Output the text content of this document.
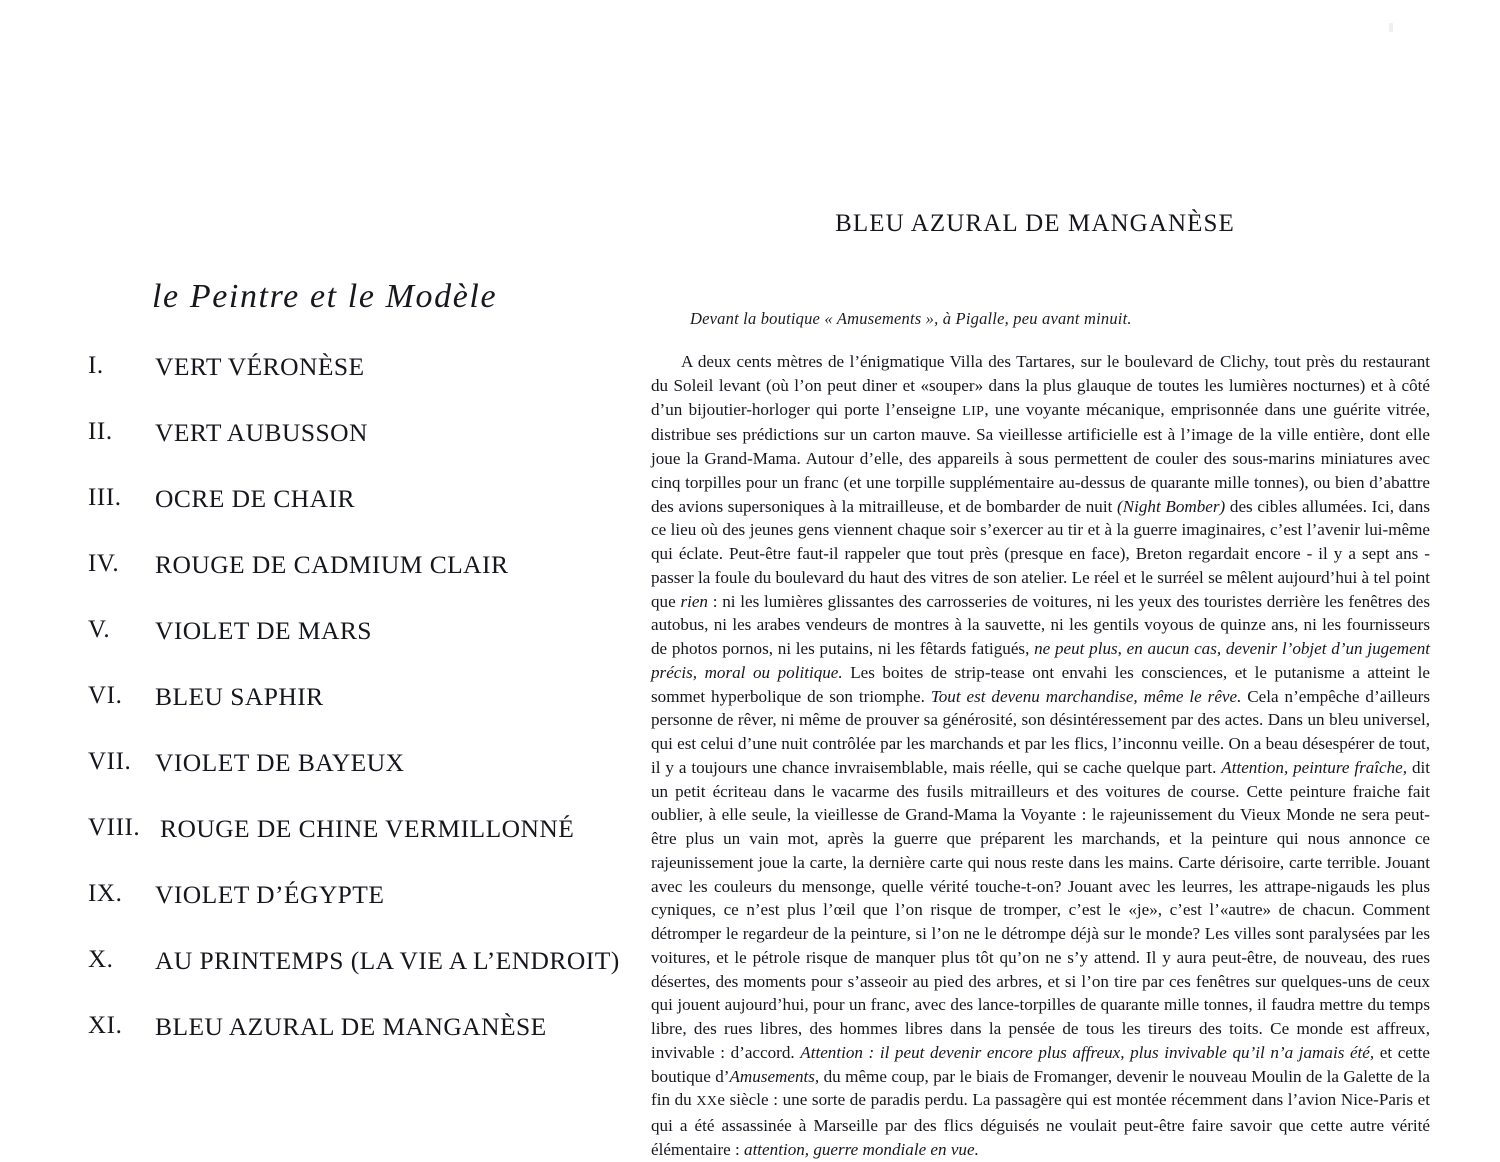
le Peintre et le Modèle
I. VERT VÉRONÈSE
II. VERT AUBUSSON
III. OCRE DE CHAIR
IV. ROUGE DE CADMIUM CLAIR
V. VIOLET DE MARS
VI. BLEU SAPHIR
VII. VIOLET DE BAYEUX
VIII. ROUGE DE CHINE VERMILLONNÉ
IX. VIOLET D’ÉGYPTE
X. AU PRINTEMPS (LA VIE A L’ENDROIT)
XI. BLEU AZURAL DE MANGANÈSE
BLEU AZURAL DE MANGANÈSE
Devant la boutique « Amusements », à Pigalle, peu avant minuit.
A deux cents mètres de l’énigmatique Villa des Tartares, sur le boulevard de Clichy, tout près du restaurant du Soleil levant (où l’on peut diner et «souper» dans la plus glauque de toutes les lumières nocturnes) et à côté d’un bijoutier-horloger qui porte l’enseigne LIP, une voyante mécanique, emprisonnée dans une guérite vitrée, distribue ses prédictions sur un carton mauve. Sa vieillesse artificielle est à l’image de la ville entière, dont elle joue la Grand-Mama. Autour d’elle, des appareils à sous permettent de couler des sous-marins miniatures avec cinq torpilles pour un franc (et une torpille supplémentaire au-dessus de quarante mille tonnes), ou bien d’abattre des avions supersoniques à la mitrailleuse, et de bombarder de nuit (Night Bomber) des cibles allumées. Ici, dans ce lieu où des jeunes gens viennent chaque soir s’exercer au tir et à la guerre imaginaires, c’est l’avenir lui-même qui éclate. Peut-être faut-il rappeler que tout près (presque en face), Breton regardait encore - il y a sept ans - passer la foule du boulevard du haut des vitres de son atelier. Le réel et le surréel se mêlent aujourd’hui à tel point que rien : ni les lumières glissantes des carrosseries de voitures, ni les yeux des touristes derrière les fenêtres des autobus, ni les arabes vendeurs de montres à la sauvette, ni les gentils voyous de quinze ans, ni les fournisseurs de photos pornos, ni les putains, ni les fêtards fatigués, ne peut plus, en aucun cas, devenir l’objet d’un jugement précis, moral ou politique. Les boites de strip-tease ont envahi les consciences, et le putanisme a atteint le sommet hyperbolique de son triomphe. Tout est devenu marchandise, même le rêve. Cela n’empêche d’ailleurs personne de rêver, ni même de prouver sa générosité, son désintéressement par des actes. Dans un bleu universel, qui est celui d’une nuit contrôlée par les marchands et par les flics, l’inconnu veille. On a beau désespérer de tout, il y a toujours une chance invraisemblable, mais réelle, qui se cache quelque part. Attention, peinture fraîche, dit un petit écriteau dans le vacarme des fusils mitrailleurs et des voitures de course. Cette peinture fraiche fait oublier, à elle seule, la vieillesse de Grand-Mama la Voyante : le rajeunissement du Vieux Monde ne sera peut-être plus un vain mot, après la guerre que préparent les marchands, et la peinture qui nous annonce ce rajeunissement joue la carte, la dernière carte qui nous reste dans les mains. Carte dérisoire, carte terrible. Jouant avec les couleurs du mensonge, quelle vérité touche-t-on? Jouant avec les leurres, les attrape-nigauds les plus cyniques, ce n’est plus l’œil que l’on risque de tromper, c’est le «je», c’est l’«autre» de chacun. Comment détromper le regardeur de la peinture, si l’on ne le détrompe déjà sur le monde? Les villes sont paralysées par les voitures, et le pétrole risque de manquer plus tôt qu’on ne s’y attend. Il y aura peut-être, de nouveau, des rues désertes, des moments pour s’asseoir au pied des arbres, et si l’on tire par ces fenêtres sur quelques-uns de ceux qui jouent aujourd’hui, pour un franc, avec des lance-torpilles de quarante mille tonnes, il faudra mettre du temps libre, des rues libres, des hommes libres dans la pensée de tous les tireurs des toits. Ce monde est affreux, invivable : d’accord. Attention : il peut devenir encore plus affreux, plus invivable qu’il n’a jamais été, et cette boutique d’Amusements, du même coup, par le biais de Fromanger, devenir le nouveau Moulin de la Galette de la fin du XXe siècle : une sorte de paradis perdu. La passagère qui est montée récemment dans l’avion Nice-Paris et qui a été assassinée à Marseille par des flics déguisés ne voulait peut-être faire savoir que cette autre vérité élémentaire : attention, guerre mondiale en vue.
